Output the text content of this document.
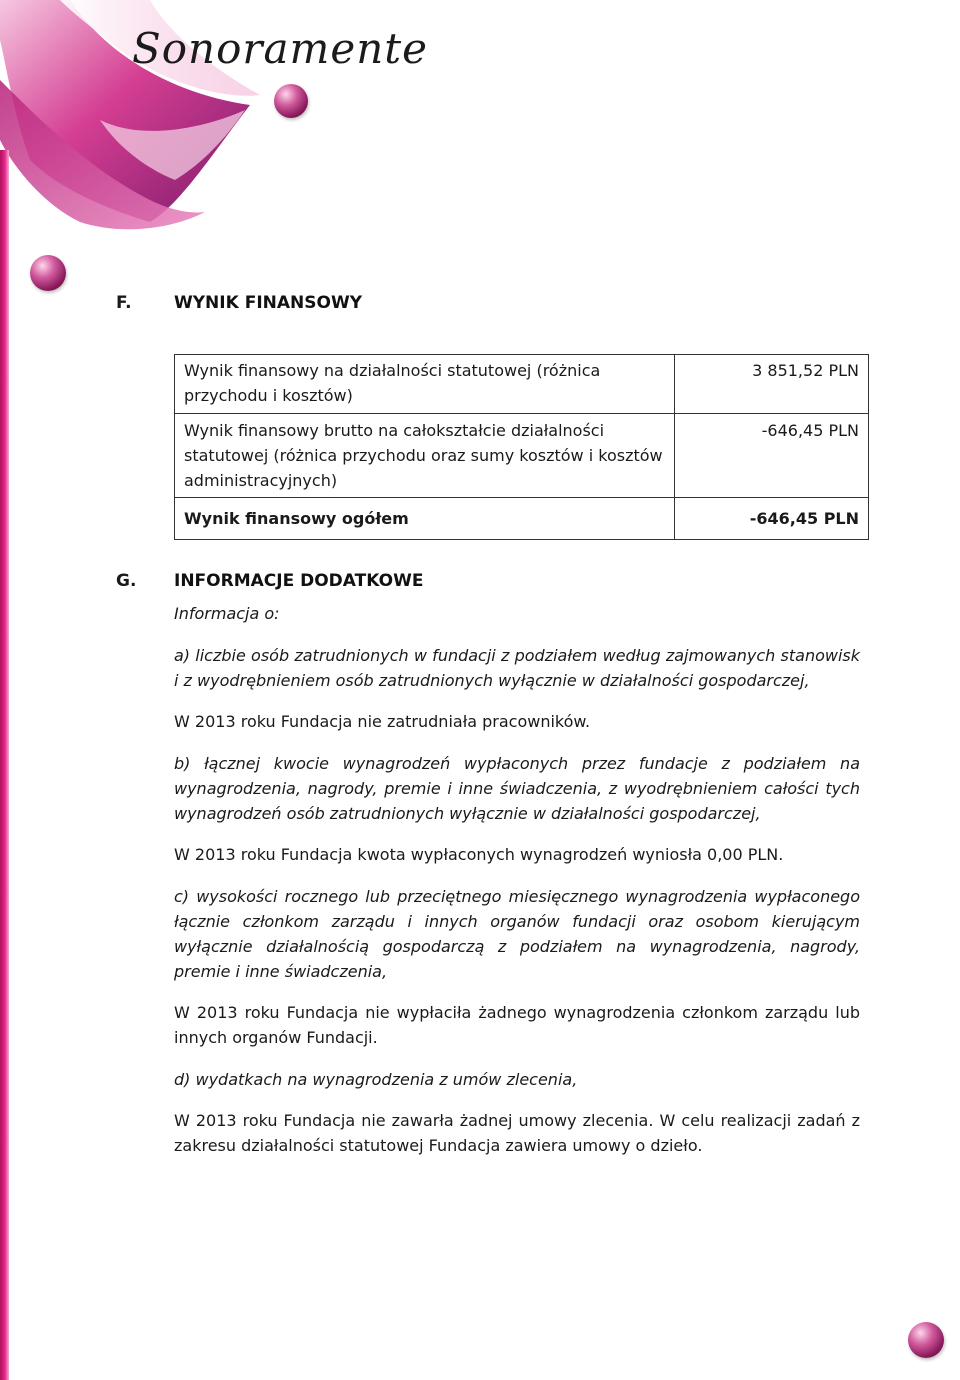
Sonoramente
F. WYNIK FINANSOWY
Wynik finansowy na działalności statutowej (różnica przychodu i kosztów)	3 851,52 PLN
Wynik finansowy brutto na całokształcie działalności statutowej (różnica przychodu oraz sumy kosztów i kosztów administracyjnych)	-646,45 PLN
Wynik finansowy ogółem	-646,45 PLN
G. INFORMACJE DODATKOWE
Informacja o:
a) liczbie osób zatrudnionych w fundacji z podziałem według zajmowanych stanowisk i z wyodrębnieniem osób zatrudnionych wyłącznie w działalności gospodarczej,
W 2013 roku Fundacja nie zatrudniała pracowników.
b) łącznej kwocie wynagrodzeń wypłaconych przez fundacje z podziałem na wynagrodzenia, nagrody, premie i inne świadczenia, z wyodrębnieniem całości tych wynagrodzeń osób zatrudnionych wyłącznie w działalności gospodarczej,
W 2013 roku Fundacja kwota wypłaconych wynagrodzeń wyniosła 0,00 PLN.
c) wysokości rocznego lub przeciętnego miesięcznego wynagrodzenia wypłaconego łącznie członkom zarządu i innych organów fundacji oraz osobom kierującym wyłącznie działalnością gospodarczą z podziałem na wynagrodzenia, nagrody, premie i inne świadczenia,
W 2013 roku Fundacja nie wypłaciła żadnego wynagrodzenia członkom zarządu lub innych organów Fundacji.
d) wydatkach na wynagrodzenia z umów zlecenia,
W 2013 roku Fundacja nie zawarła żadnej umowy zlecenia. W celu realizacji zadań z zakresu działalności statutowej Fundacja zawiera umowy o dzieło.
